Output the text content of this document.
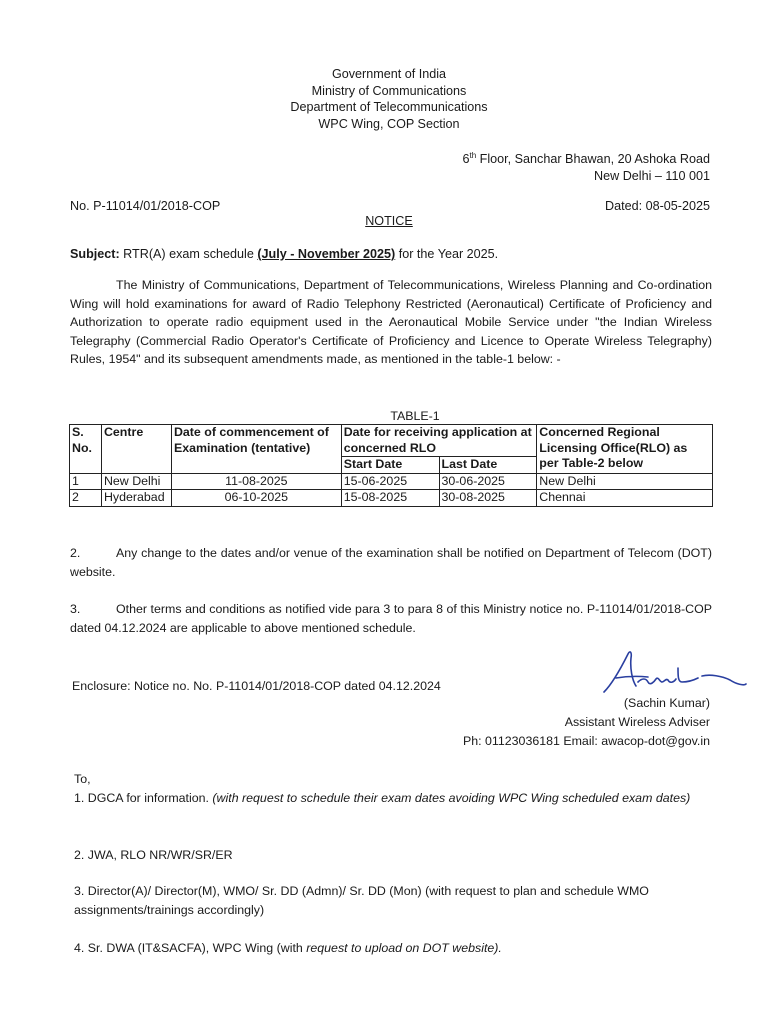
Government of India
Ministry of Communications
Department of Telecommunications
WPC Wing, COP Section
6th Floor, Sanchar Bhawan, 20 Ashoka Road
New Delhi – 110 001
No. P-11014/01/2018-COP	Dated: 08-05-2025
NOTICE
Subject: RTR(A) exam schedule (July - November 2025) for the Year 2025.
The Ministry of Communications, Department of Telecommunications, Wireless Planning and Co-ordination Wing will hold examinations for award of Radio Telephony Restricted (Aeronautical) Certificate of Proficiency and Authorization to operate radio equipment used in the Aeronautical Mobile Service under "the Indian Wireless Telegraphy (Commercial Radio Operator's Certificate of Proficiency and Licence to Operate Wireless Telegraphy) Rules, 1954" and its subsequent amendments made, as mentioned in the table-1 below: -
TABLE-1
S. No.	Centre	Date of commencement of Examination (tentative)	Date for receiving application at concerned RLO		Concerned Regional Licensing Office(RLO) as per Table-2 below
			Start Date	Last Date	
1	New Delhi	11-08-2025	15-06-2025	30-06-2025	New Delhi
2	Hyderabad	06-10-2025	15-08-2025	30-08-2025	Chennai
2.	Any change to the dates and/or venue of the examination shall be notified on Department of Telecom (DOT) website.
3.	Other terms and conditions as notified vide para 3 to para 8 of this Ministry notice no. P-11014/01/2018-COP dated 04.12.2024 are applicable to above mentioned schedule.
Enclosure: Notice no. No. P-11014/01/2018-COP dated 04.12.2024
(Sachin Kumar)
Assistant Wireless Adviser
Ph: 01123036181 Email: awacop-dot@gov.in
To,
1. DGCA for information. (with request to schedule their exam dates avoiding WPC Wing scheduled exam dates)
2. JWA, RLO NR/WR/SR/ER
3. Director(A)/ Director(M), WMO/ Sr. DD (Admn)/ Sr. DD (Mon) (with request to plan and schedule WMO assignments/trainings accordingly)
4. Sr. DWA (IT&SACFA), WPC Wing (with request to upload on DOT website).
